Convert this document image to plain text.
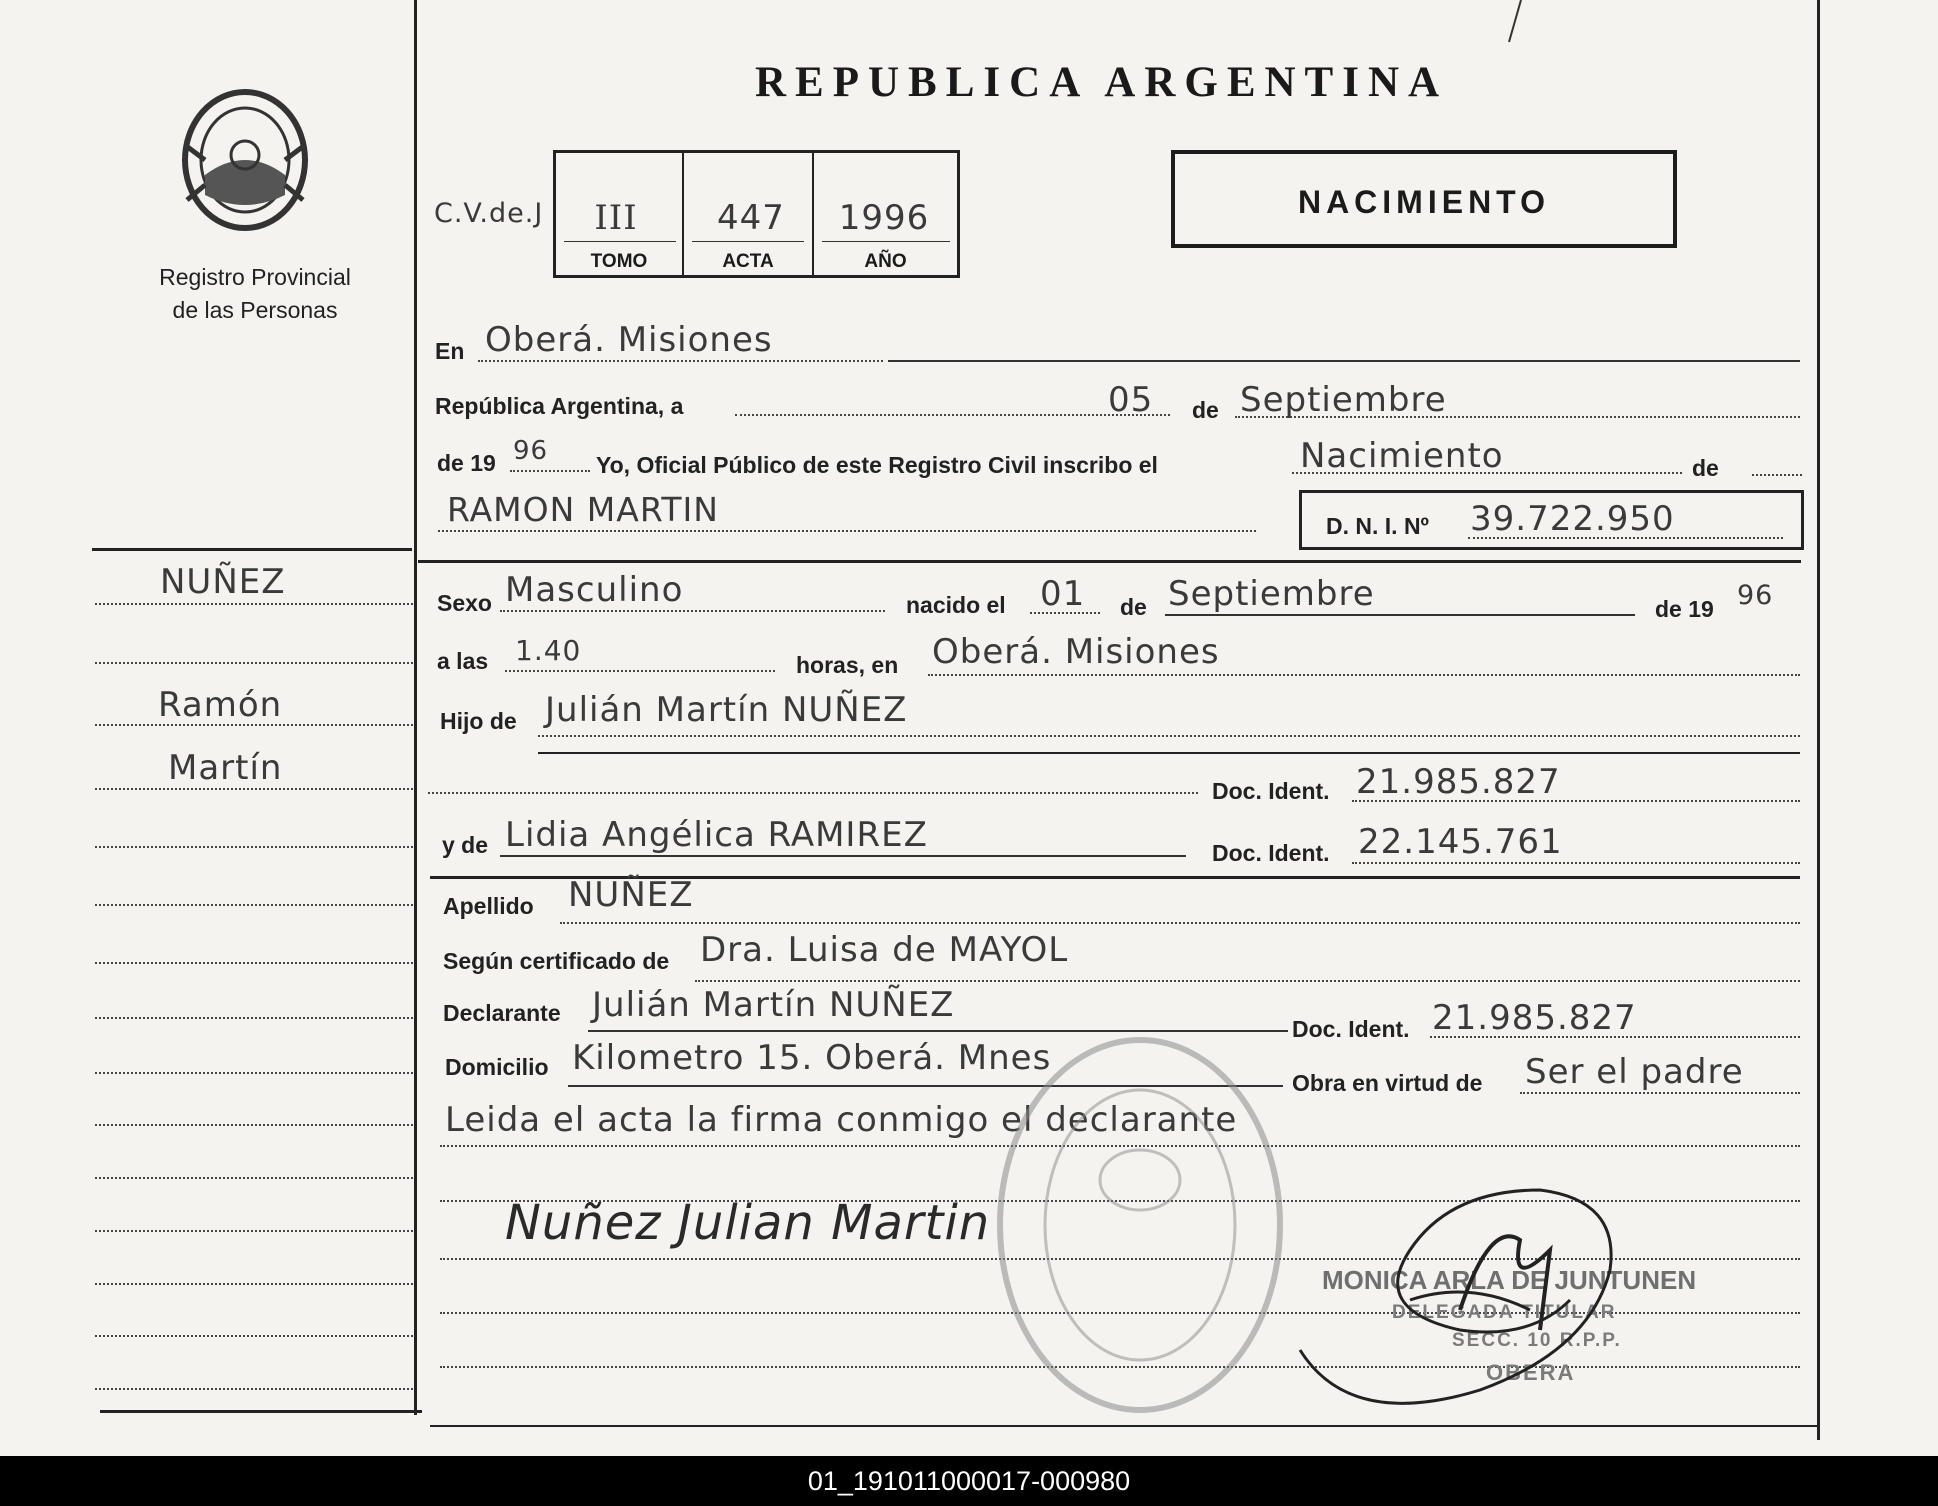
Registro Provincial
de las Personas
NUÑEZ
Ramón
Martín
REPUBLICA ARGENTINA
C.V.de.J	III	447	1996
TOMO	ACTA	AÑO
NACIMIENTO
En Oberá. Misiones
República Argentina, a	05 de Septiembre
de 19 96 Yo, Oficial Público de este Registro Civil inscribo el	Nacimiento	de
RAMON MARTIN	D. N. I. Nº 39.722.950
Sexo Masculino	nacido el 01 de Septiembre	de 19 96
a las 1.40	horas, en Oberá. Misiones
Hijo de Julián Martín NUÑEZ
Doc. Ident. 21.985.827
y de Lidia Angélica RAMIREZ	Doc. Ident. 22.145.761
Apellido NUÑEZ
Según certificado de Dra. Luisa de MAYOL
Declarante Julián Martín NUÑEZ
Doc. Ident. 21.985.827
Domicilio Kilometro 15. Oberá. Mnes
Obra en virtud de Ser el padre
Leida el acta la firma conmigo el declarante
Nuñez Julian Martin
MONICA ARLA DE JUNTUNEN
DELEGADA TITULAR
SECC. 10 R.P.P.
OBERA
01_191011000017-000980
